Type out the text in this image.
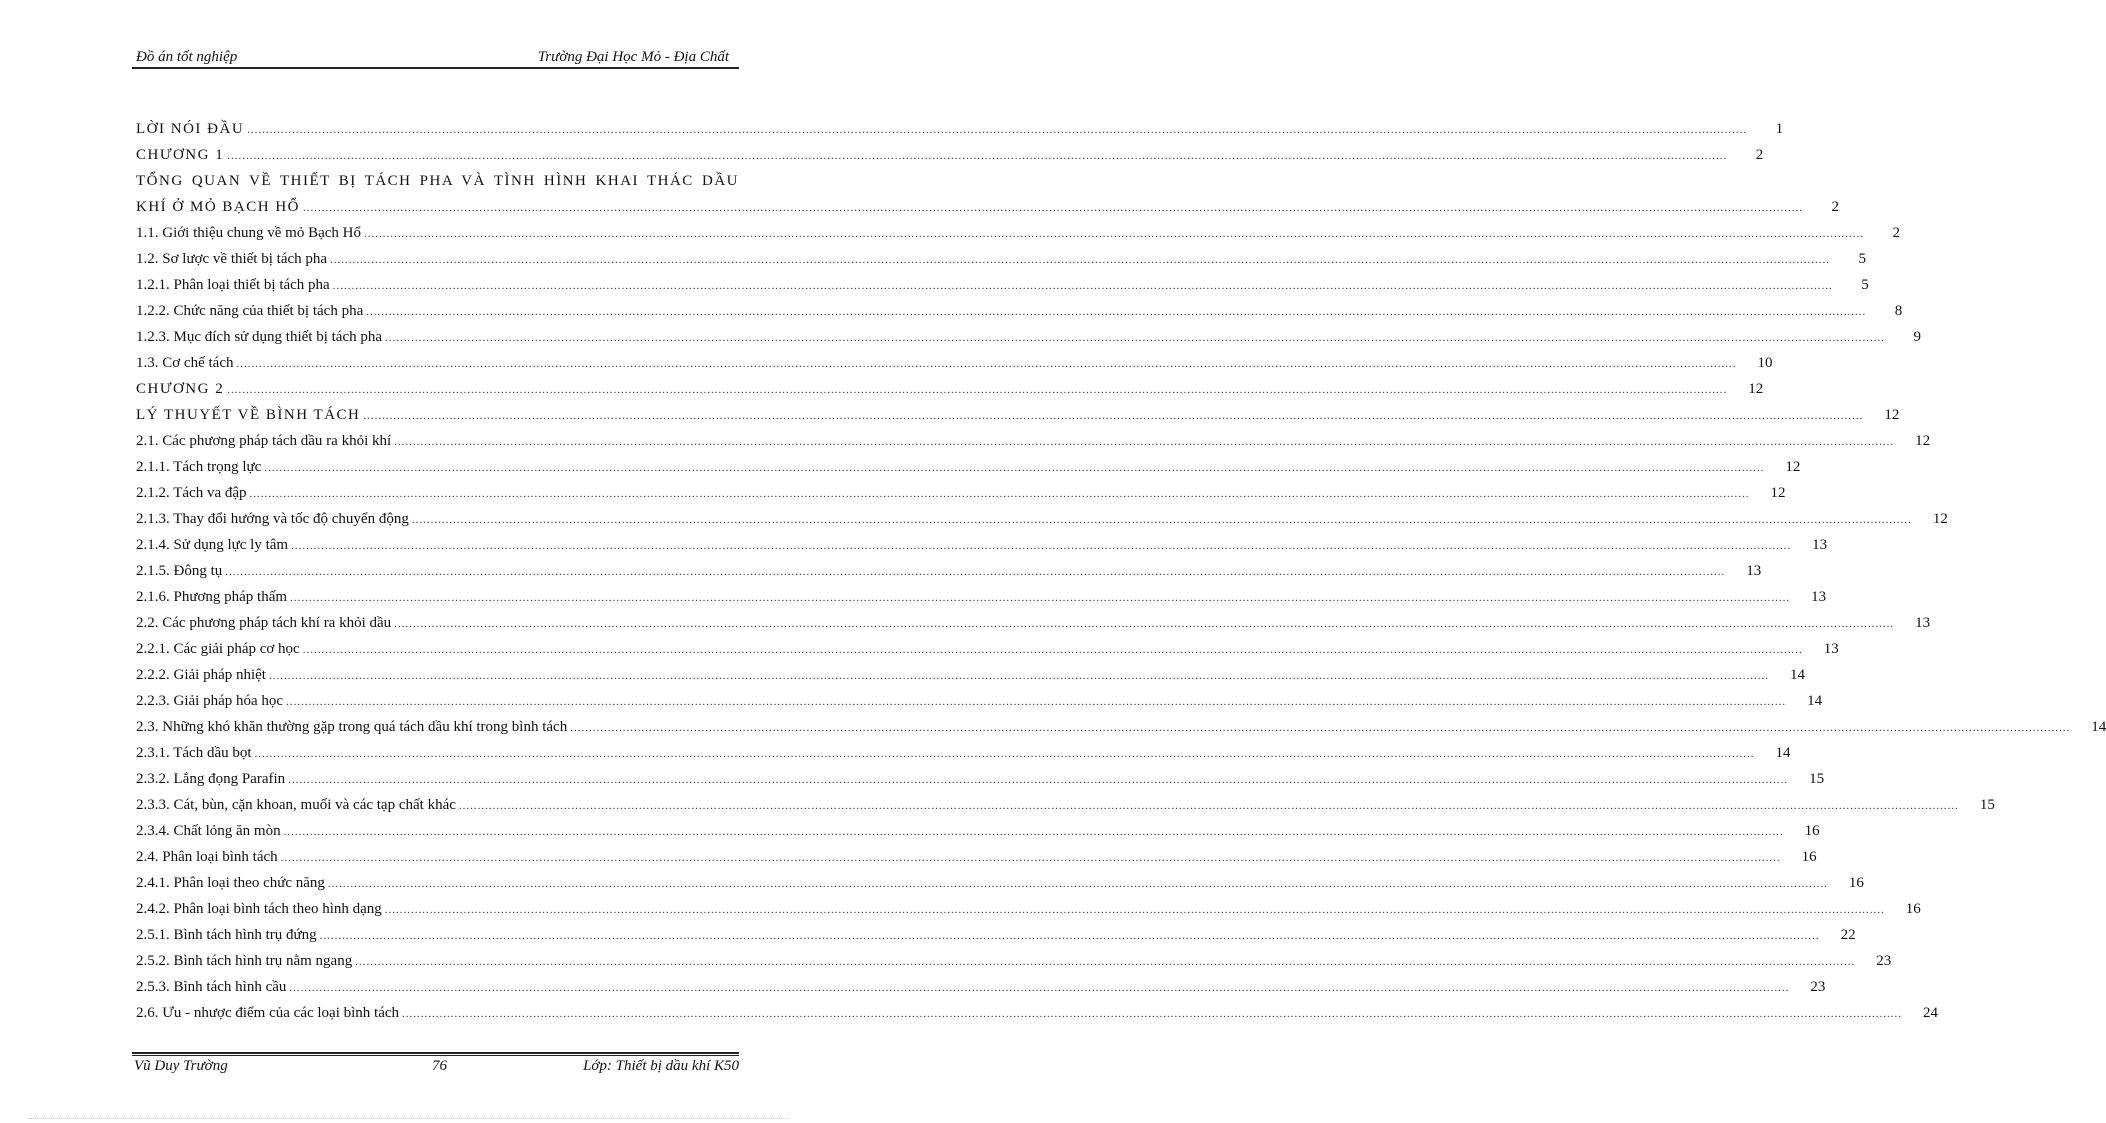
Đồ án tốt nghiệp	Trường Đại Học Mỏ - Địa Chất
LỜI NÓI ĐẦU ................................................................................................................................................................................................................................................................................................................................................................................................................	1
CHƯƠNG 1 ................................................................................................................................................................................................................................................................................................................................................................................................................	2
TỔNG QUAN VỀ THIẾT BỊ TÁCH PHA VÀ TÌNH HÌNH KHAI THÁC DẦU
KHÍ Ở MỎ BẠCH HỔ ................................................................................................................................................................................................................................................................................................................................................................................................................	2
1.1. Giới thiệu chung về mỏ Bạch Hổ ................................................................................................................................................................................................................................................................................................................................................................................................................	2
1.2. Sơ lược về thiết bị tách pha ................................................................................................................................................................................................................................................................................................................................................................................................................	5
1.2.1. Phân loại thiết bị tách pha ................................................................................................................................................................................................................................................................................................................................................................................................................	5
1.2.2. Chức năng của thiết bị tách pha ................................................................................................................................................................................................................................................................................................................................................................................................................	8
1.2.3. Mục đích sử dụng thiết bị tách pha ................................................................................................................................................................................................................................................................................................................................................................................................................	9
1.3. Cơ chế tách ................................................................................................................................................................................................................................................................................................................................................................................................................	10
CHƯƠNG 2 ................................................................................................................................................................................................................................................................................................................................................................................................................	12
LÝ THUYẾT VỀ BÌNH TÁCH ................................................................................................................................................................................................................................................................................................................................................................................................................	12
2.1. Các phương pháp tách dầu ra khỏi khí ................................................................................................................................................................................................................................................................................................................................................................................................................	12
2.1.1. Tách trọng lực ................................................................................................................................................................................................................................................................................................................................................................................................................	12
2.1.2. Tách va đập ................................................................................................................................................................................................................................................................................................................................................................................................................	12
2.1.3. Thay đổi hướng và tốc độ chuyển động ................................................................................................................................................................................................................................................................................................................................................................................................................	12
2.1.4. Sử dụng lực ly tâm ................................................................................................................................................................................................................................................................................................................................................................................................................	13
2.1.5. Đông tụ ................................................................................................................................................................................................................................................................................................................................................................................................................	13
2.1.6. Phương pháp thấm ................................................................................................................................................................................................................................................................................................................................................................................................................	13
2.2. Các phương pháp tách khí ra khỏi dầu ................................................................................................................................................................................................................................................................................................................................................................................................................	13
2.2.1. Các giải pháp cơ học ................................................................................................................................................................................................................................................................................................................................................................................................................	13
2.2.2. Giải pháp nhiệt ................................................................................................................................................................................................................................................................................................................................................................................................................	14
2.2.3. Giải pháp hóa học ................................................................................................................................................................................................................................................................................................................................................................................................................	14
2.3. Những khó khăn thường gặp trong quá tách dầu khí trong bình tách ................................................................................................................................................................................................................................................................................................................................................................................................................	14
2.3.1. Tách dầu bọt ................................................................................................................................................................................................................................................................................................................................................................................................................	14
2.3.2. Lắng đọng Parafin ................................................................................................................................................................................................................................................................................................................................................................................................................	15
2.3.3. Cát, bùn, cặn khoan, muối và các tạp chất khác ................................................................................................................................................................................................................................................................................................................................................................................................................	15
2.3.4. Chất lỏng ăn mòn ................................................................................................................................................................................................................................................................................................................................................................................................................	16
2.4. Phân loại bình tách ................................................................................................................................................................................................................................................................................................................................................................................................................	16
2.4.1. Phân loại theo chức năng ................................................................................................................................................................................................................................................................................................................................................................................................................	16
2.4.2. Phân loại bình tách theo hình dạng ................................................................................................................................................................................................................................................................................................................................................................................................................	16
2.5.1. Bình tách hình trụ đứng ................................................................................................................................................................................................................................................................................................................................................................................................................	22
2.5.2. Bình tách hình trụ nằm ngang ................................................................................................................................................................................................................................................................................................................................................................................................................	23
2.5.3. Bình tách hình cầu ................................................................................................................................................................................................................................................................................................................................................................................................................	23
2.6. Ưu - nhược điểm của các loại bình tách ................................................................................................................................................................................................................................................................................................................................................................................................................	24
Vũ Duy Trường	76	Lớp: Thiết bị dầu khí K50
